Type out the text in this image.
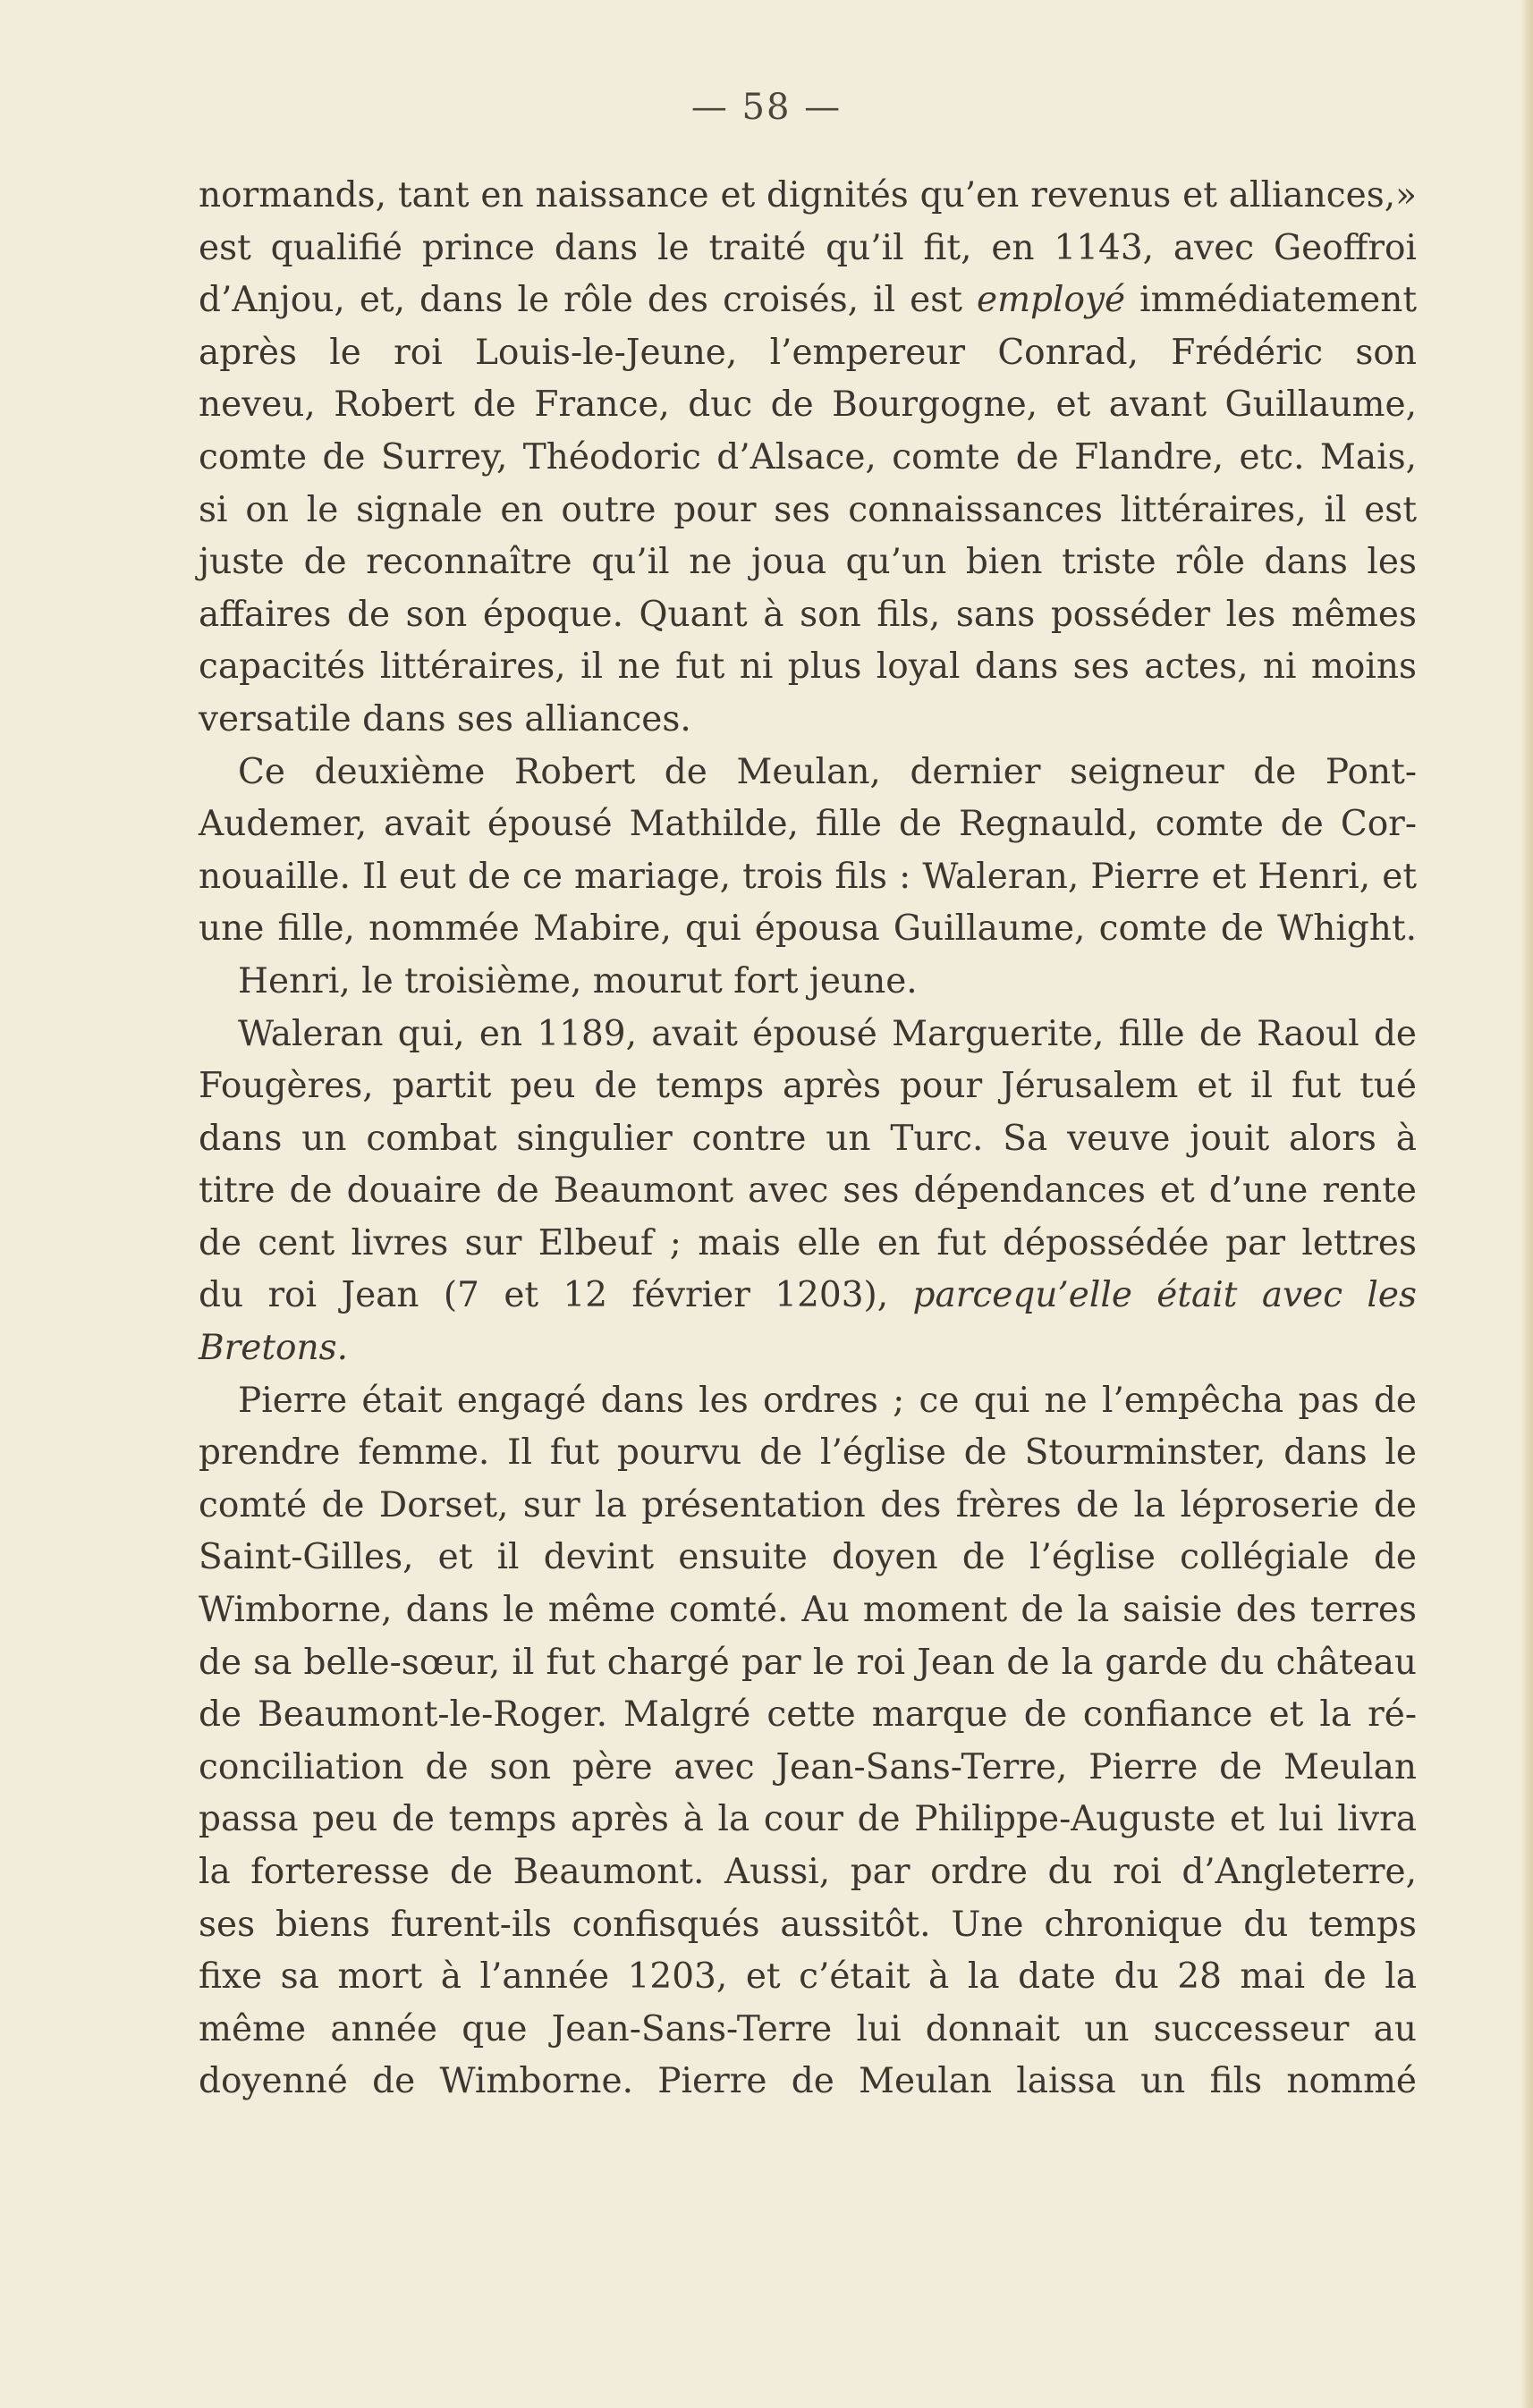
— 58 —
normands, tant en naissance et dignités qu’en revenus et alliances,»
est qualifié prince dans le traité qu’il fit, en 1143, avec Geoffroi
d’Anjou, et, dans le rôle des croisés, il est employé immédiatement
après le roi Louis-le-Jeune, l’empereur Conrad, Frédéric son
neveu, Robert de France, duc de Bourgogne, et avant Guillaume,
comte de Surrey, Théodoric d’Alsace, comte de Flandre, etc. Mais,
si on le signale en outre pour ses connaissances littéraires, il est
juste de reconnaître qu’il ne joua qu’un bien triste rôle dans les
affaires de son époque. Quant à son fils, sans posséder les mêmes
capacités littéraires, il ne fut ni plus loyal dans ses actes, ni moins
versatile dans ses alliances.
Ce deuxième Robert de Meulan, dernier seigneur de Pont-
Audemer, avait épousé Mathilde, fille de Regnauld, comte de Cor-
nouaille. Il eut de ce mariage, trois fils : Waleran, Pierre et Henri, et
une fille, nommée Mabire, qui épousa Guillaume, comte de Whight.
Henri, le troisième, mourut fort jeune.
Waleran qui, en 1189, avait épousé Marguerite, fille de Raoul de
Fougères, partit peu de temps après pour Jérusalem et il fut tué
dans un combat singulier contre un Turc. Sa veuve jouit alors à
titre de douaire de Beaumont avec ses dépendances et d’une rente
de cent livres sur Elbeuf ; mais elle en fut dépossédée par lettres
du roi Jean (7 et 12 février 1203), parcequ’elle était avec les Bretons.
Pierre était engagé dans les ordres ; ce qui ne l’empêcha pas de
prendre femme. Il fut pourvu de l’église de Stourminster, dans le
comté de Dorset, sur la présentation des frères de la léproserie de
Saint-Gilles, et il devint ensuite doyen de l’église collégiale de
Wimborne, dans le même comté. Au moment de la saisie des terres
de sa belle-sœur, il fut chargé par le roi Jean de la garde du château
de Beaumont-le-Roger. Malgré cette marque de confiance et la ré-
conciliation de son père avec Jean-Sans-Terre, Pierre de Meulan
passa peu de temps après à la cour de Philippe-Auguste et lui livra
la forteresse de Beaumont. Aussi, par ordre du roi d’Angleterre,
ses biens furent-ils confisqués aussitôt. Une chronique du temps
fixe sa mort à l’année 1203, et c’était à la date du 28 mai de la
même année que Jean-Sans-Terre lui donnait un successeur au
doyenné de Wimborne. Pierre de Meulan laissa un fils nommé
